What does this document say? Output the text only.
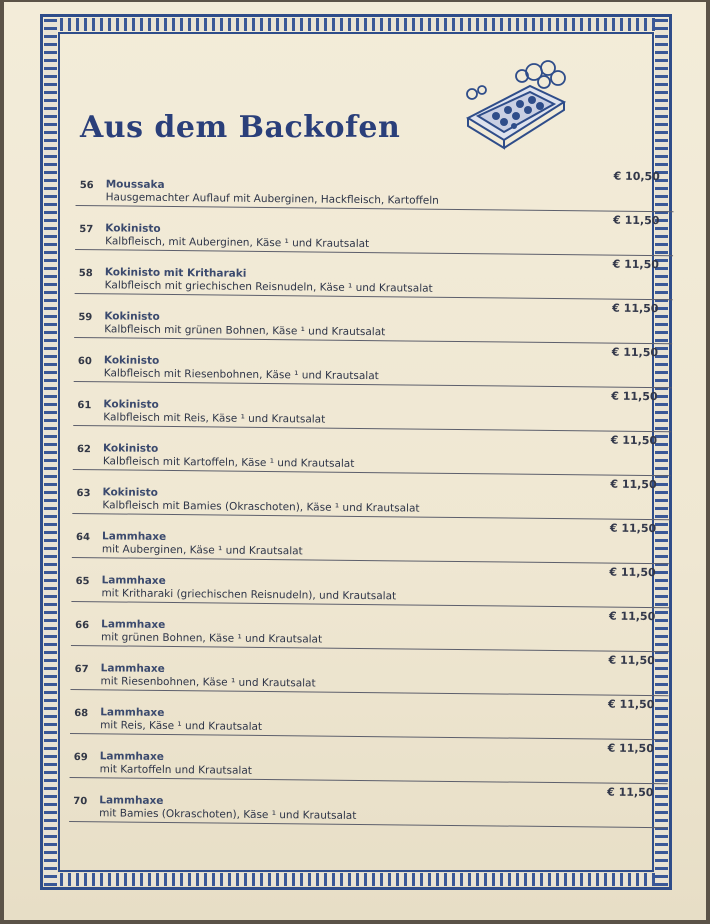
Aus dem Backofen
56 Moussaka
Hausgemachter Auflauf mit Auberginen, Hackfleisch, Kartoffeln
€ 10,50
57 Kokinisto
Kalbfleisch, mit Auberginen, Käse ¹ und Krautsalat
€ 11,50
58 Kokinisto mit Kritharaki
Kalbfleisch mit griechischen Reisnudeln, Käse ¹ und Krautsalat
€ 11,50
59 Kokinisto
Kalbfleisch mit grünen Bohnen, Käse ¹ und Krautsalat
€ 11,50
60 Kokinisto
Kalbfleisch mit Riesenbohnen, Käse ¹ und Krautsalat
€ 11,50
61 Kokinisto
Kalbfleisch mit Reis, Käse ¹ und Krautsalat
€ 11,50
62 Kokinisto
Kalbfleisch mit Kartoffeln, Käse ¹ und Krautsalat
€ 11,50
63 Kokinisto
Kalbfleisch mit Bamies (Okraschoten), Käse ¹ und Krautsalat
€ 11,50
64 Lammhaxe
mit Auberginen, Käse ¹ und Krautsalat
€ 11,50
65 Lammhaxe
mit Kritharaki (griechischen Reisnudeln), und Krautsalat
€ 11,50
66 Lammhaxe
mit grünen Bohnen, Käse ¹ und Krautsalat
€ 11,50
67 Lammhaxe
mit Riesenbohnen, Käse ¹ und Krautsalat
€ 11,50
68 Lammhaxe
mit Reis, Käse ¹ und Krautsalat
€ 11,50
69 Lammhaxe
mit Kartoffeln und Krautsalat
€ 11,50
70 Lammhaxe
mit Bamies (Okraschoten), Käse ¹ und Krautsalat
€ 11,50
